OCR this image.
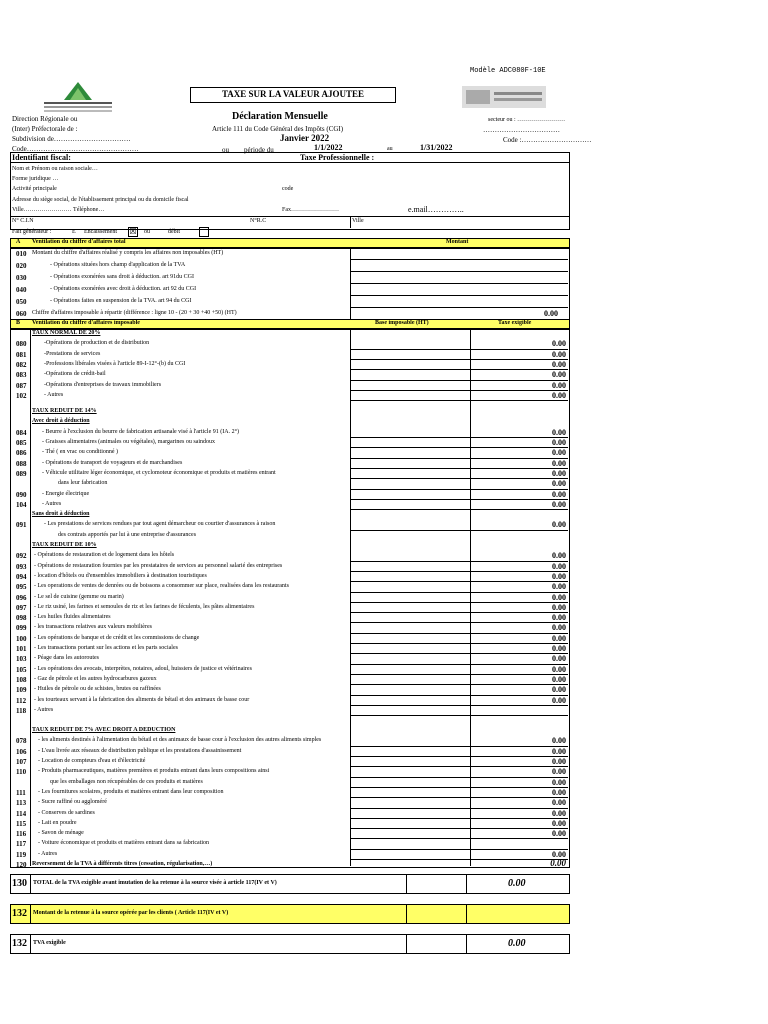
Modèle ADC080F-10E
TAXE SUR LA VALEUR AJOUTEE
Direction Régionale ou
(Inter) Préfectorale de :
Subdivision de……………………………
Code…………………………………………
Déclaration Mensuelle
Article 111 du Code Général des Impôts (CGI)
Janvier 2022
ou période du	1/1/2022	au	1/31/2022
secteur ou : ……………………
……………………………
Code :…………………………
Identifiant fiscal:	Taxe Professionnelle :
Nom et Prénom ou raison sociale…
Forme juridique …
Activité principale	code
Adresse du siège social, de l'établissement principal ou du domicile fiscal
Ville…………………… Téléphone…	Fax……………………	e.mail…………..
N° C.I.N	N°R.C	Ville
Fait générateur :	E Encaissement ☒ ou	débit
A Ventilation du chiffre d'affaires total	Montant
010 Montant du chiffre d'affaires réalisé y compris les affaires non imposables (HT)
020	- Opérations situées hors champ d'application de la TVA
030	- Opérations exonérées sans droit à déduction. art 91du CGI
040	- Opérations exonérées avec droit à déduction. art 92 du CGI
050	- Opérations faites en suspension de la TVA. art 94 du CGI
060 Chiffre d'affaires imposable à répartir (différence : ligne 10 - (20 + 30 +40 +50) (HT)	0.00
B Ventilation du chiffre d'affaires imposable	Base imposable (HT)	Taxe exigible
TAUX NORMAL DE 20%
080	-Opérations de production et de distribution	0.00
081	-Prestations de services	0.00
082	-Professions libérales visées à l'article 89-I-12°-(b) du CGI	0.00
083	-Opérations de crédit-bail	0.00
087	-Opérations d'entreprises de travaux immobiliers	0.00
102	- Autres	0.00
TAUX REDUIT DE 14%
Avec droit à déduction
084	- Beurre à l'exclusion du beurre de fabrication artisanale visé à l'article 91 (IA. 2°)	0.00
085	- Graisses alimentaires (animales ou végétales), margarines ou saindoux	0.00
086	- Thé ( en vrac ou conditionné )	0.00
088	- Opérations de transport de voyageurs et de marchandises	0.00
089	- Véhicule utilitaire léger économique, et cyclomoteur économique et produits et matières entrant	0.00
dans leur fabrication	0.00
090	- Energie électrique	0.00
104	- Autres	0.00
Sans droit à déduction
091	- Les prestations de services rendues par tout agent démarcheur ou courtier d'assurances à raison	0.00
des contrats apportés par lui à une entreprise d'assurances
TAUX REDUIT DE 10%
092	- Opérations de restauration et de logement dans les hôtels	0.00
093	- Opérations de restauration fournies par les prestataires de services au personnel salarié des entreprises	0.00
094	- location d'hôtels ou d'ensembles immobiliers à destination touristiques	0.00
095	- Les operations de ventes de denrées ou de boissons a consommer sur place, realisées dans les restaurants	0.00
096	- Le sel de cuisine (gemme ou marin)	0.00
097	- Le riz usiné, les farines et semoules de riz et les farines de féculents, les pâtes alimentaires	0.00
098	- Les huiles fluides alimentaires	0.00
099	- les transactions relatives aux valeurs mobilières	0.00
100	- Les opérations de banque et de crédit et les commissions de change	0.00
101	- Les transactions portant sur les actions et les parts sociales	0.00
103	- Péage dans les autoroutes	0.00
105	- Les opérations des avocats, interprètes, notaires, adoul, huissiers de justice et vétérinaires	0.00
108	- Gaz de pétrole et les autres hydrocarbures gazeux	0.00
109	- Huiles de pétrole ou de schistes, brutes ou raffinées	0.00
112	- les tourteaux servant à la fabrication des aliments de bétail et des animaux de basse cour	0.00
118	- Autres
TAUX REDUIT DE 7% AVEC DROIT A DEDUCTION
078	- les aliments destinés à l'alimentation du bétail et des animaux de basse cour à l'exclusion des autres aliments simples	0.00
106	- L'eau livrée aux réseaux de distribution publique et les prestations d'assainissement	0.00
107	- Location de compteurs d'eau et d'électricité	0.00
110	- Produits pharmaceutiques, matières premières et produits entrant dans leurs compositions ainsi	0.00
que les emballages non récupérables de ces produits et matières	0.00
111	- Les fournitures scolaires, produits et matières entrant dans leur composition	0.00
113	- Sucre raffiné ou aggloméré	0.00
114	- Conserves de sardines	0.00
115	- Lait en poudre	0.00
116	- Savon de ménage	0.00
117	- Voiture économique et produits et matières entrant dans sa fabrication
119	- Autres	0.00
120 Reversement de la TVA à différents titres (cessation, régularisation,…)	0.00
130 TOTAL de la TVA exigible avant imutation de ka retenue à la source visée à article 117(IV et V)	0.00
132 Montant de la retenue à la source opérée par les clients ( Article 117(IV et V)
132 TVA exigible	0.00
